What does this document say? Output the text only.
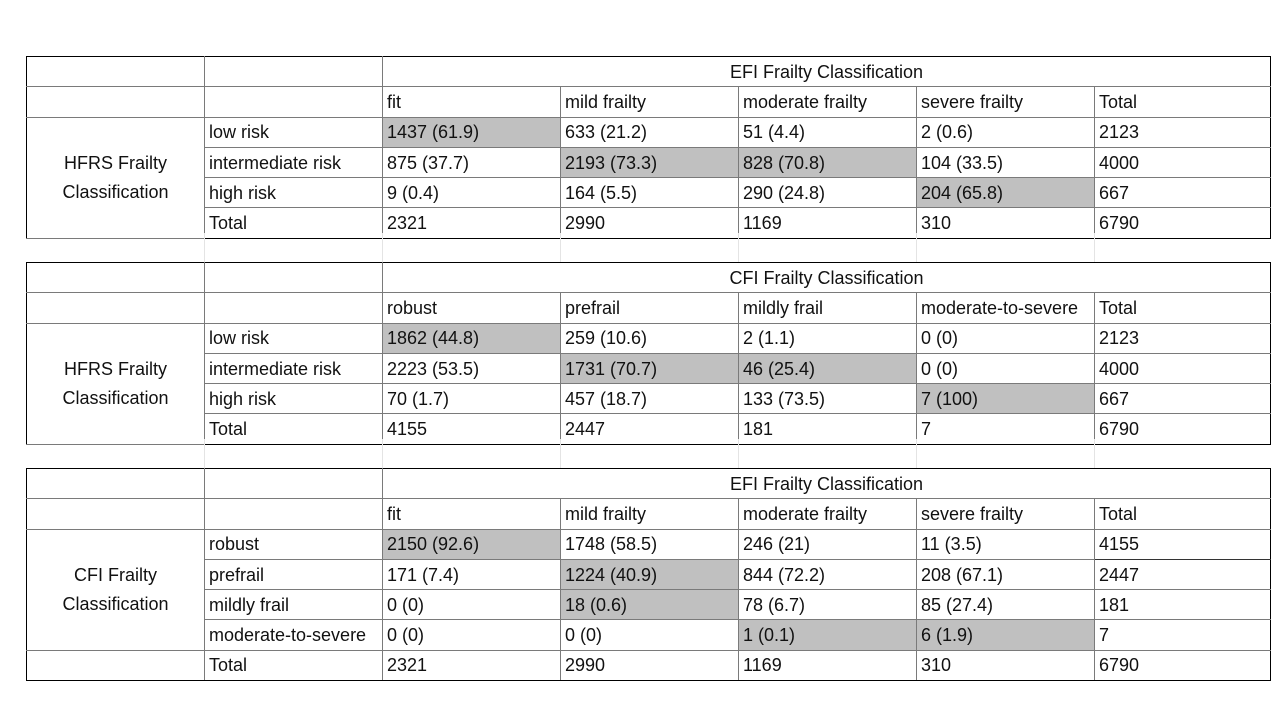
		EFI Frailty Classification				
		fit	mild frailty	moderate frailty	severe frailty	Total
HFRS Frailty Classification	low risk	1437 (61.9)	633 (21.2)	51 (4.4)	2 (0.6)	2123
	intermediate risk	875 (37.7)	2193 (73.3)	828 (70.8)	104 (33.5)	4000
	high risk	9 (0.4)	164 (5.5)	290 (24.8)	204 (65.8)	667
	Total	2321	2990	1169	310	6790
		CFI Frailty Classification				
		robust	prefrail	mildly frail	moderate-to-severe	Total
HFRS Frailty Classification	low risk	1862 (44.8)	259 (10.6)	2 (1.1)	0 (0)	2123
	intermediate risk	2223 (53.5)	1731 (70.7)	46 (25.4)	0 (0)	4000
	high risk	70 (1.7)	457 (18.7)	133 (73.5)	7 (100)	667
	Total	4155	2447	181	7	6790
		EFI Frailty Classification				
		fit	mild frailty	moderate frailty	severe frailty	Total
CFI Frailty Classification	robust	2150 (92.6)	1748 (58.5)	246 (21)	11 (3.5)	4155
	prefrail	171 (7.4)	1224 (40.9)	844 (72.2)	208 (67.1)	2447
	mildly frail	0 (0)	18 (0.6)	78 (6.7)	85 (27.4)	181
	moderate-to-severe	0 (0)	0 (0)	1 (0.1)	6 (1.9)	7
	Total	2321	2990	1169	310	6790
